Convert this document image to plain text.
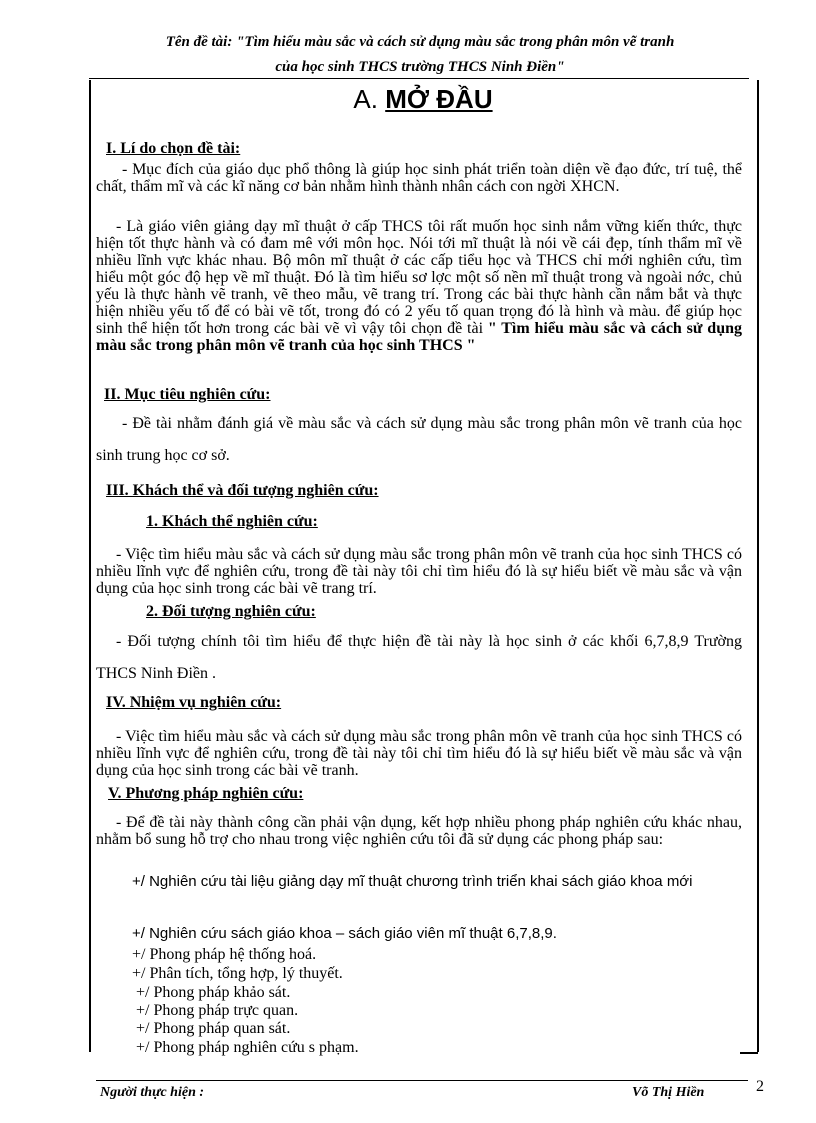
Tên đề tài: "Tìm hiểu màu sắc và cách sử dụng màu sắc trong phân môn vẽ tranh
của học sinh THCS trường THCS Ninh Điền"
A. MỞ ĐẦU
I. Lí do chọn đề tài:
- Mục đích của giáo dục phổ thông là giúp học sinh phát triển toàn diện về đạo đức, trí tuệ, thể chất, thẩm mĩ và các kĩ năng cơ bản nhằm hình thành nhân cách con ngời XHCN.
- Là giáo viên giảng dạy mĩ thuật ở cấp THCS tôi rất muốn học sinh nắm vững kiến thức, thực hiện tốt thực hành và có đam mê với môn học. Nói tới mĩ thuật là nói về cái đẹp, tính thẩm mĩ về nhiều lĩnh vực khác nhau. Bộ môn mĩ thuật ở các cấp tiểu học và THCS chỉ mới nghiên cứu, tìm hiểu một góc độ hẹp về mĩ thuật. Đó là tìm hiểu sơ lợc một số nền mĩ thuật trong và ngoài nớc, chủ yếu là thực hành vẽ tranh, vẽ theo mẫu, vẽ trang trí. Trong các bài thực hành cần nắm bắt và thực hiện nhiều yếu tố để có bài vẽ tốt, trong đó có 2 yếu tố quan trọng đó là hình và màu. để giúp học sinh thể hiện tốt hơn trong các bài vẽ vì vậy tôi chọn đề tài " Tìm hiểu màu sắc và cách sử dụng màu sắc trong phân môn vẽ tranh của học sinh THCS "
II. Mục tiêu nghiên cứu:
- Đề tài nhằm đánh giá về màu sắc và cách sử dụng màu sắc trong phân môn vẽ tranh của học sinh trung học cơ sở.
III. Khách thể và đối tượng nghiên cứu:
1. Khách thể nghiên cứu:
- Việc tìm hiểu màu sắc và cách sử dụng màu sắc trong phân môn vẽ tranh của học sinh THCS có nhiều lĩnh vực để nghiên cứu, trong đề tài này tôi chỉ tìm hiểu đó là sự hiểu biết về màu sắc và vận dụng của học sinh trong các bài vẽ trang trí.
2. Đối tượng nghiên cứu:
- Đối tượng chính tôi tìm hiểu để thực hiện đề tài này là học sinh ở các khối 6,7,8,9 Trường THCS Ninh Điền .
IV. Nhiệm vụ nghiên cứu:
- Việc tìm hiểu màu sắc và cách sử dụng màu sắc trong phân môn vẽ tranh của học sinh THCS có nhiều lĩnh vực để nghiên cứu, trong đề tài này tôi chỉ tìm hiểu đó là sự hiểu biết về màu sắc và vận dụng của học sinh trong các bài vẽ tranh.
V. Phương pháp nghiên cứu:
- Để đề tài này thành công cần phải vận dụng, kết hợp nhiều phong pháp nghiên cứu khác nhau, nhằm bổ sung hỗ trợ cho nhau trong việc nghiên cứu tôi đã sử dụng các phong pháp sau:
+/ Nghiên cứu tài liệu giảng dạy mĩ thuật chương trình triển khai sách giáo khoa mới
+/ Nghiên cứu sách giáo khoa – sách giáo viên mĩ thuật 6,7,8,9.
+/ Phong pháp hệ thống hoá.
+/ Phân tích, tổng hợp, lý thuyết.
+/ Phong pháp khảo sát.
+/ Phong pháp trực quan.
+/ Phong pháp quan sát.
+/ Phong pháp nghiên cứu s phạm.
Người thực hiện :	Võ Thị Hiền	2
